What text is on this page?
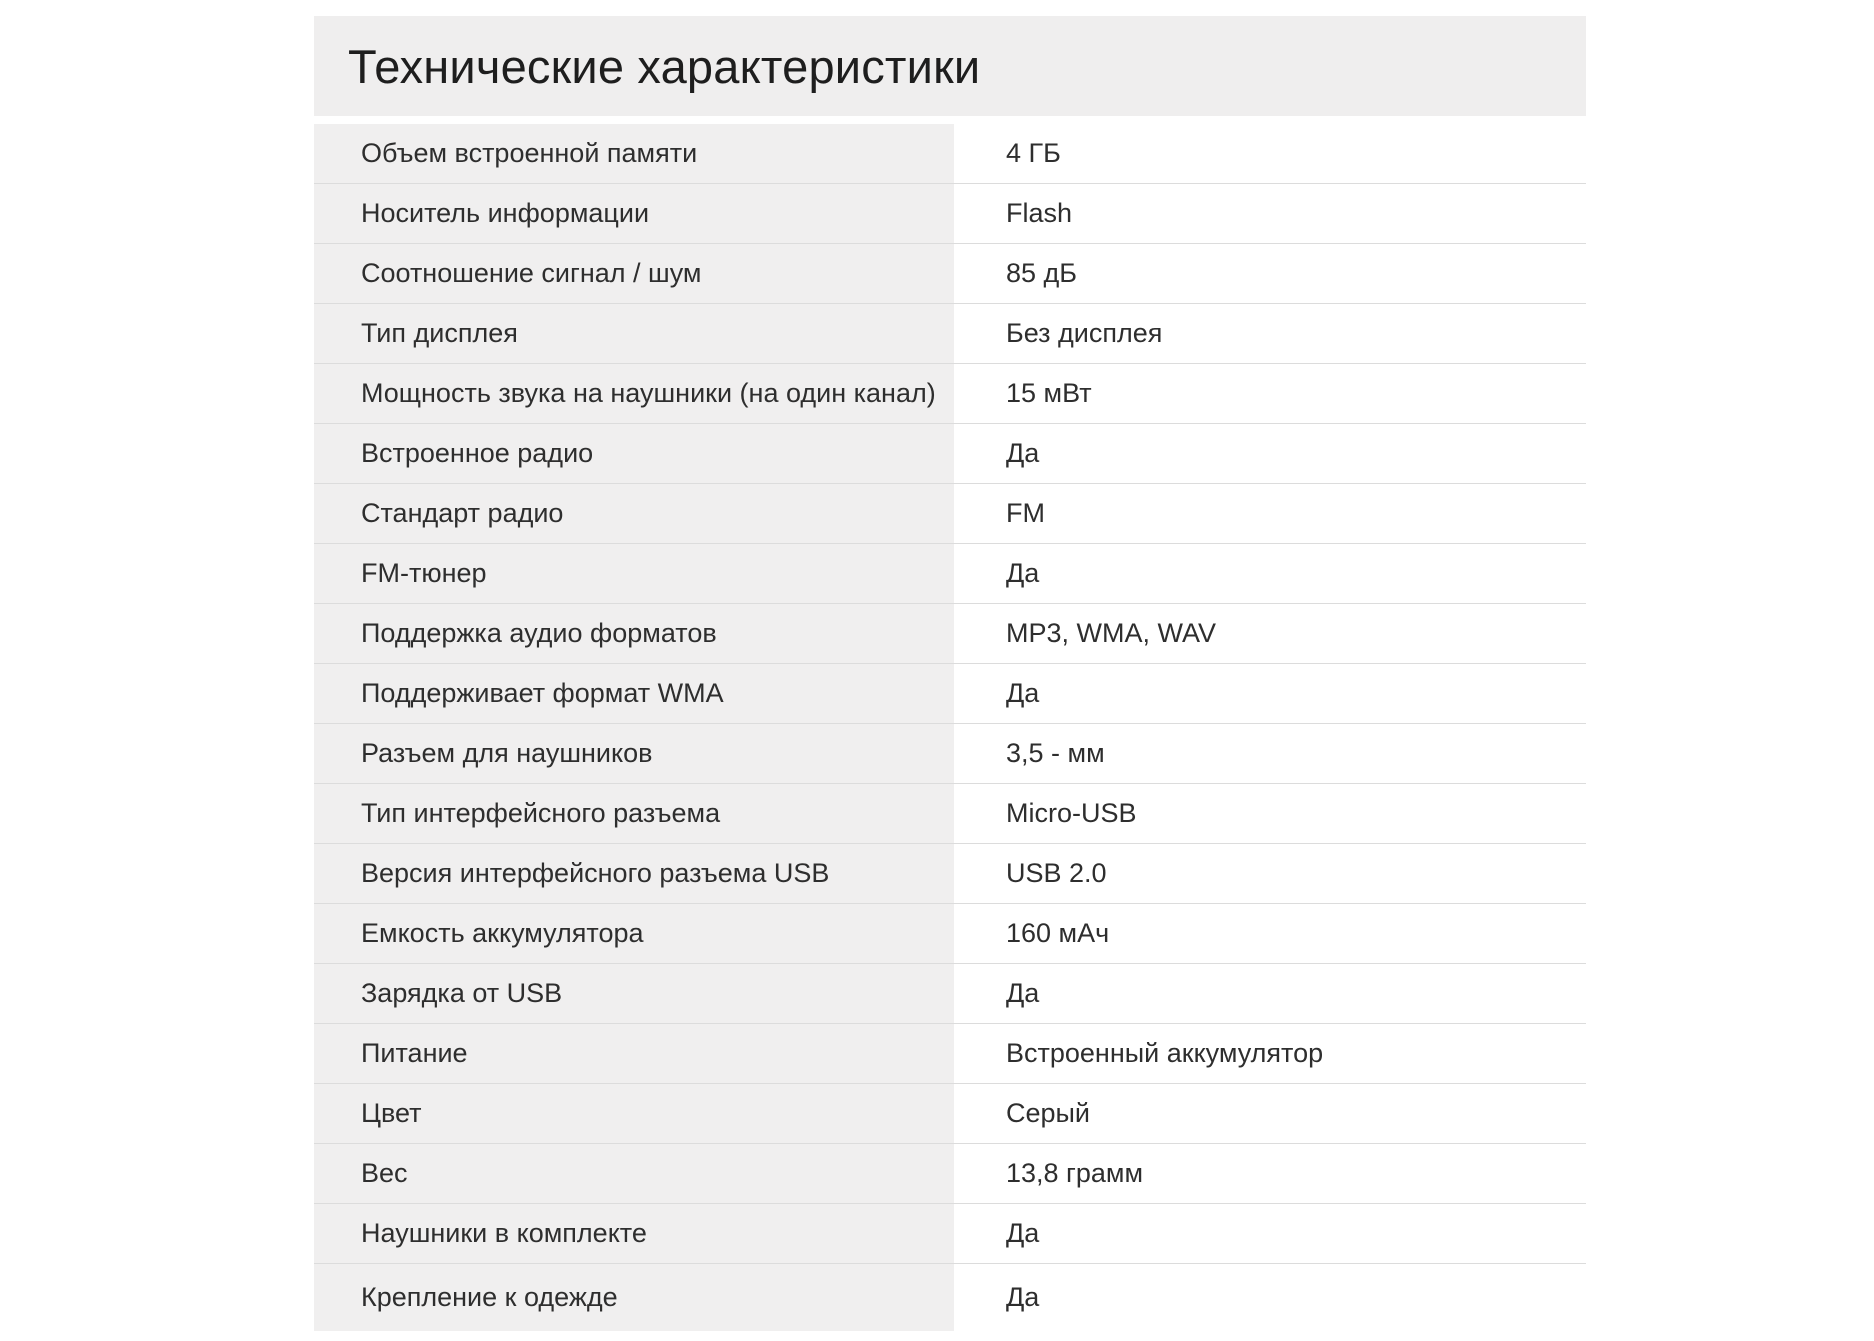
Технические характеристики
Объем встроенной памяти	4 ГБ
Носитель информации	Flash
Соотношение сигнал / шум	85 дБ
Тип дисплея	Без дисплея
Мощность звука на наушники (на один канал)	15 мВт
Встроенное радио	Да
Стандарт радио	FM
FM-тюнер	Да
Поддержка аудио форматов	MP3, WMA, WAV
Поддерживает формат WMA	Да
Разъем для наушников	3,5 - мм
Тип интерфейсного разъема	Micro-USB
Версия интерфейсного разъема USB	USB 2.0
Емкость аккумулятора	160 мАч
Зарядка от USB	Да
Питание	Встроенный аккумулятор
Цвет	Серый
Вес	13,8 грамм
Наушники в комплекте	Да
Крепление к одежде	Да
